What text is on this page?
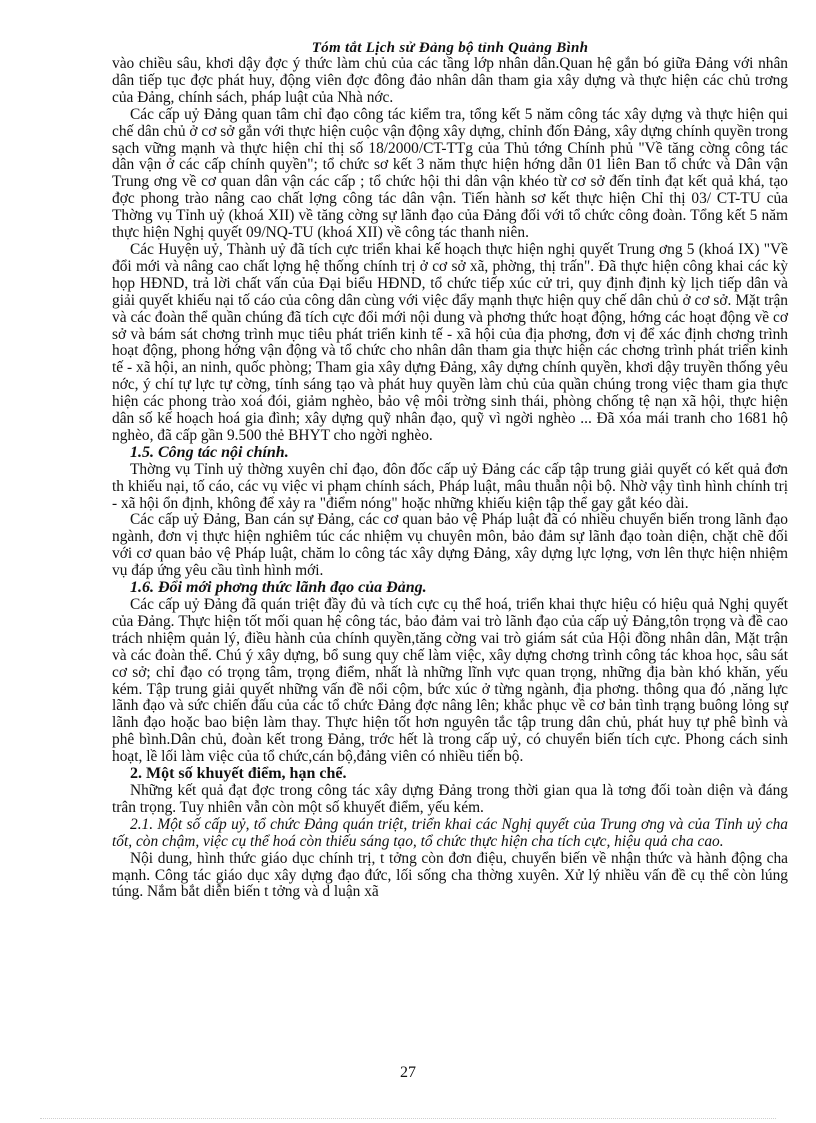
Tóm tắt Lịch sử Đảng bộ tỉnh Quảng Bình

vào chiều sâu, khơi dậy đợc ý thức làm chủ của các tầng lớp nhân dân.Quan hệ gắn bó giữa Đảng với nhân dân tiếp tục đợc phát huy, động viên đợc đông đảo nhân dân tham gia xây dựng và thực hiện các chủ trơng của Đảng, chính sách, pháp luật của Nhà nớc.

Các cấp uỷ Đảng quan tâm chỉ đạo công tác kiểm tra, tổng kết 5 năm công tác xây dựng và thực hiện qui chế dân chủ ở cơ sở gắn với thực hiện cuộc vận động xây dựng, chỉnh đốn Đảng, xây dựng chính quyền trong sạch vững mạnh và thực hiện chỉ thị số 18/2000/CT-TTg của Thủ tớng Chính phủ "Về tăng cờng công tác dân vận ở các cấp chính quyền"; tổ chức sơ kết 3 năm thực hiện hớng dẫn 01 liên Ban tổ chức và Dân vận Trung ơng về cơ quan dân vận các cấp ; tổ chức hội thi dân vận khéo từ cơ sở đến tỉnh đạt kết quả khá, tạo đợc phong trào nâng cao chất lợng công tác dân vận. Tiến hành sơ kết thực hiện Chỉ thị 03/ CT-TU của Thờng vụ Tỉnh uỷ (khoá XII) về tăng cờng sự lãnh đạo của Đảng đối với tổ chức công đoàn. Tổng kết 5 năm thực hiện Nghị quyết 09/NQ-TU (khoá XII) về công tác thanh niên.

Các Huyện uỷ, Thành uỷ đã tích cực triển khai kế hoạch thực hiện nghị quyết Trung ơng 5 (khoá IX) "Về đổi mới và nâng cao chất lợng hệ thống chính trị ở cơ sở xã, phờng, thị trấn". Đã thực hiện công khai các kỳ họp HĐND, trả lời chất vấn của Đại biểu HĐND, tổ chức tiếp xúc cử tri, quy định định kỳ lịch tiếp dân và giải quyết khiếu nại tố cáo của công dân cùng với việc đẩy mạnh thực hiện quy chế dân chủ ở cơ sở. Mặt trận và các đoàn thể quần chúng đã tích cực đổi mới nội dung và phơng thức hoạt động, hớng các hoạt động về cơ sở và bám sát chơng trình mục tiêu phát triển kinh tế - xã hội của địa phơng, đơn vị để xác định chơng trình hoạt động, phong hớng vận động và tổ chức cho nhân dân tham gia thực hiện các chơng trình phát triển kinh tế - xã hội, an ninh, quốc phòng; Tham gia xây dựng Đảng, xây dựng chính quyền, khơi dậy truyền thống yêu nớc, ý chí tự lực tự cờng, tính sáng tạo và phát huy quyền làm chủ của quần chúng trong việc tham gia thực hiện các phong trào xoá đói, giảm nghèo, bảo vệ môi trờng sinh thái, phòng chống tệ nạn xã hội, thực hiện dân số kế hoạch hoá gia đình; xây dựng quỹ nhân đạo, quỹ vì ngời nghèo ... Đã xóa mái tranh cho 1681 hộ nghèo, đã cấp gần 9.500 thẻ BHYT cho ngời nghèo.

1.5. Công tác nội chính.

Thờng vụ Tỉnh uỷ thờng xuyên chỉ đạo, đôn đốc cấp uỷ Đảng các cấp tập trung giải quyết có kết quả đơn th khiếu nại, tố cáo, các vụ việc vi phạm chính sách, Pháp luật, mâu thuẫn nội bộ. Nhờ vậy tình hình chính trị - xã hội ổn định, không để xảy ra "điểm nóng" hoặc những khiếu kiện tập thể gay gắt kéo dài.

Các cấp uỷ Đảng, Ban cán sự Đảng, các cơ quan bảo vệ Pháp luật đã có nhiều chuyển biến trong lãnh đạo ngành, đơn vị thực hiện nghiêm túc các nhiệm vụ chuyên môn, bảo đảm sự lãnh đạo toàn diện, chặt chẽ đối với cơ quan bảo vệ Pháp luật, chăm lo công tác xây dựng Đảng, xây dựng lực lợng, vơn lên thực hiện nhiệm vụ đáp ứng yêu cầu tình hình mới.

1.6. Đổi mới phơng thức lãnh đạo của Đảng.

Các cấp uỷ Đảng đã quán triệt đầy đủ và tích cực cụ thể hoá, triển khai thực hiệu có hiệu quả Nghị quyết của Đảng. Thực hiện tốt mối quan hệ công tác, bảo đảm vai trò lãnh đạo của cấp uỷ Đảng,tôn trọng và đề cao trách nhiệm quản lý, điều hành của chính quyền,tăng cờng vai trò giám sát của Hội đồng nhân dân, Mặt trận và các đoàn thể. Chú ý xây dựng, bổ sung quy chế làm việc, xây dựng chơng trình công tác khoa học, sâu sát cơ sở; chỉ đạo có trọng tâm, trọng điểm, nhất là những lĩnh vực quan trọng, những địa bàn khó khăn, yếu kém. Tập trung giải quyết những vấn đề nổi cộm, bức xúc ở từng ngành, địa phơng. thông qua đó ,năng lực lãnh đạo và sức chiến đấu của các tổ chức Đảng đợc nâng lên; khắc phục về cơ bản tình trạng buông lỏng sự lãnh đạo hoặc bao biện làm thay. Thực hiện tốt hơn nguyên tắc tập trung dân chủ, phát huy tự phê bình và phê bình.Dân chủ, đoàn kết trong Đảng, trớc hết là trong cấp uỷ, có chuyển biến tích cực. Phong cách sinh hoạt, lề lối làm việc của tổ chức,cán bộ,đảng viên có nhiều tiến bộ.

2. Một số khuyết điểm, hạn chế.

Những kết quả đạt đợc trong công tác xây dựng Đảng trong thời gian qua là tơng đối toàn diện và đáng trân trọng. Tuy nhiên vẫn còn một số khuyết điểm, yếu kém.

2.1. Một số cấp uỷ, tổ chức Đảng quán triệt, triển khai các Nghị quyết của Trung ơng và của Tỉnh uỷ cha tốt, còn chậm, việc cụ thể hoá còn thiếu sáng tạo, tổ chức thực hiện cha tích cực, hiệu quả cha cao.

Nội dung, hình thức giáo dục chính trị, t tởng còn đơn điệu, chuyển biến về nhận thức và hành động cha mạnh. Công tác giáo dục xây dựng đạo đức, lối sống cha thờng xuyên. Xử lý nhiều vấn đề cụ thể còn lúng túng. Nắm bắt diễn biến t tởng và d luận xã

27
